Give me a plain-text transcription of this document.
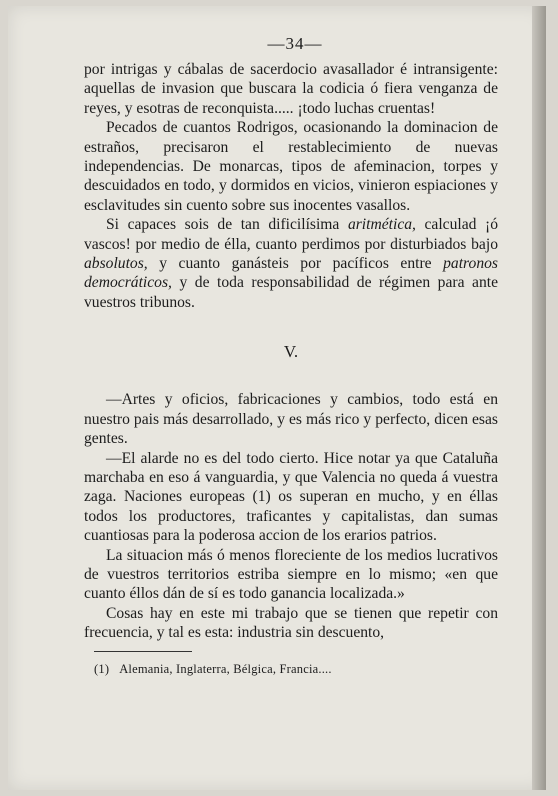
—34—

por intrigas y cábalas de sacerdocio avasallador é intransigente: aquellas de invasion que buscara la codicia ó fiera venganza de reyes, y esotras de reconquista..... ¡todo luchas cruentas!

Pecados de cuantos Rodrigos, ocasionando la dominacion de estraños, precisaron el restablecimiento de nuevas independencias. De monarcas, tipos de afeminacion, torpes y descuidados en todo, y dormidos en vicios, vinieron espiaciones y esclavitudes sin cuento sobre sus inocentes vasallos.

Si capaces sois de tan dificilísima aritmética, calculad ¡ó vascos! por medio de élla, cuanto perdimos por disturbiados bajo absolutos, y cuanto ganásteis por pacíficos entre patronos democráticos, y de toda responsabilidad de régimen para ante vuestros tribunos.

V.

—Artes y oficios, fabricaciones y cambios, todo está en nuestro pais más desarrollado, y es más rico y perfecto, dicen esas gentes.

—El alarde no es del todo cierto. Hice notar ya que Cataluña marchaba en eso á vanguardia, y que Valencia no queda á vuestra zaga. Naciones europeas (1) os superan en mucho, y en éllas todos los productores, traficantes y capitalistas, dan sumas cuantiosas para la poderosa accion de los erarios patrios.

La situacion más ó menos floreciente de los medios lucrativos de vuestros territorios estriba siempre en lo mismo; «en que cuanto éllos dán de sí es todo ganancia localizada.»

Cosas hay en este mi trabajo que se tienen que repetir con frecuencia, y tal es esta: industria sin descuento,

(1) Alemania, Inglaterra, Bélgica, Francia....
